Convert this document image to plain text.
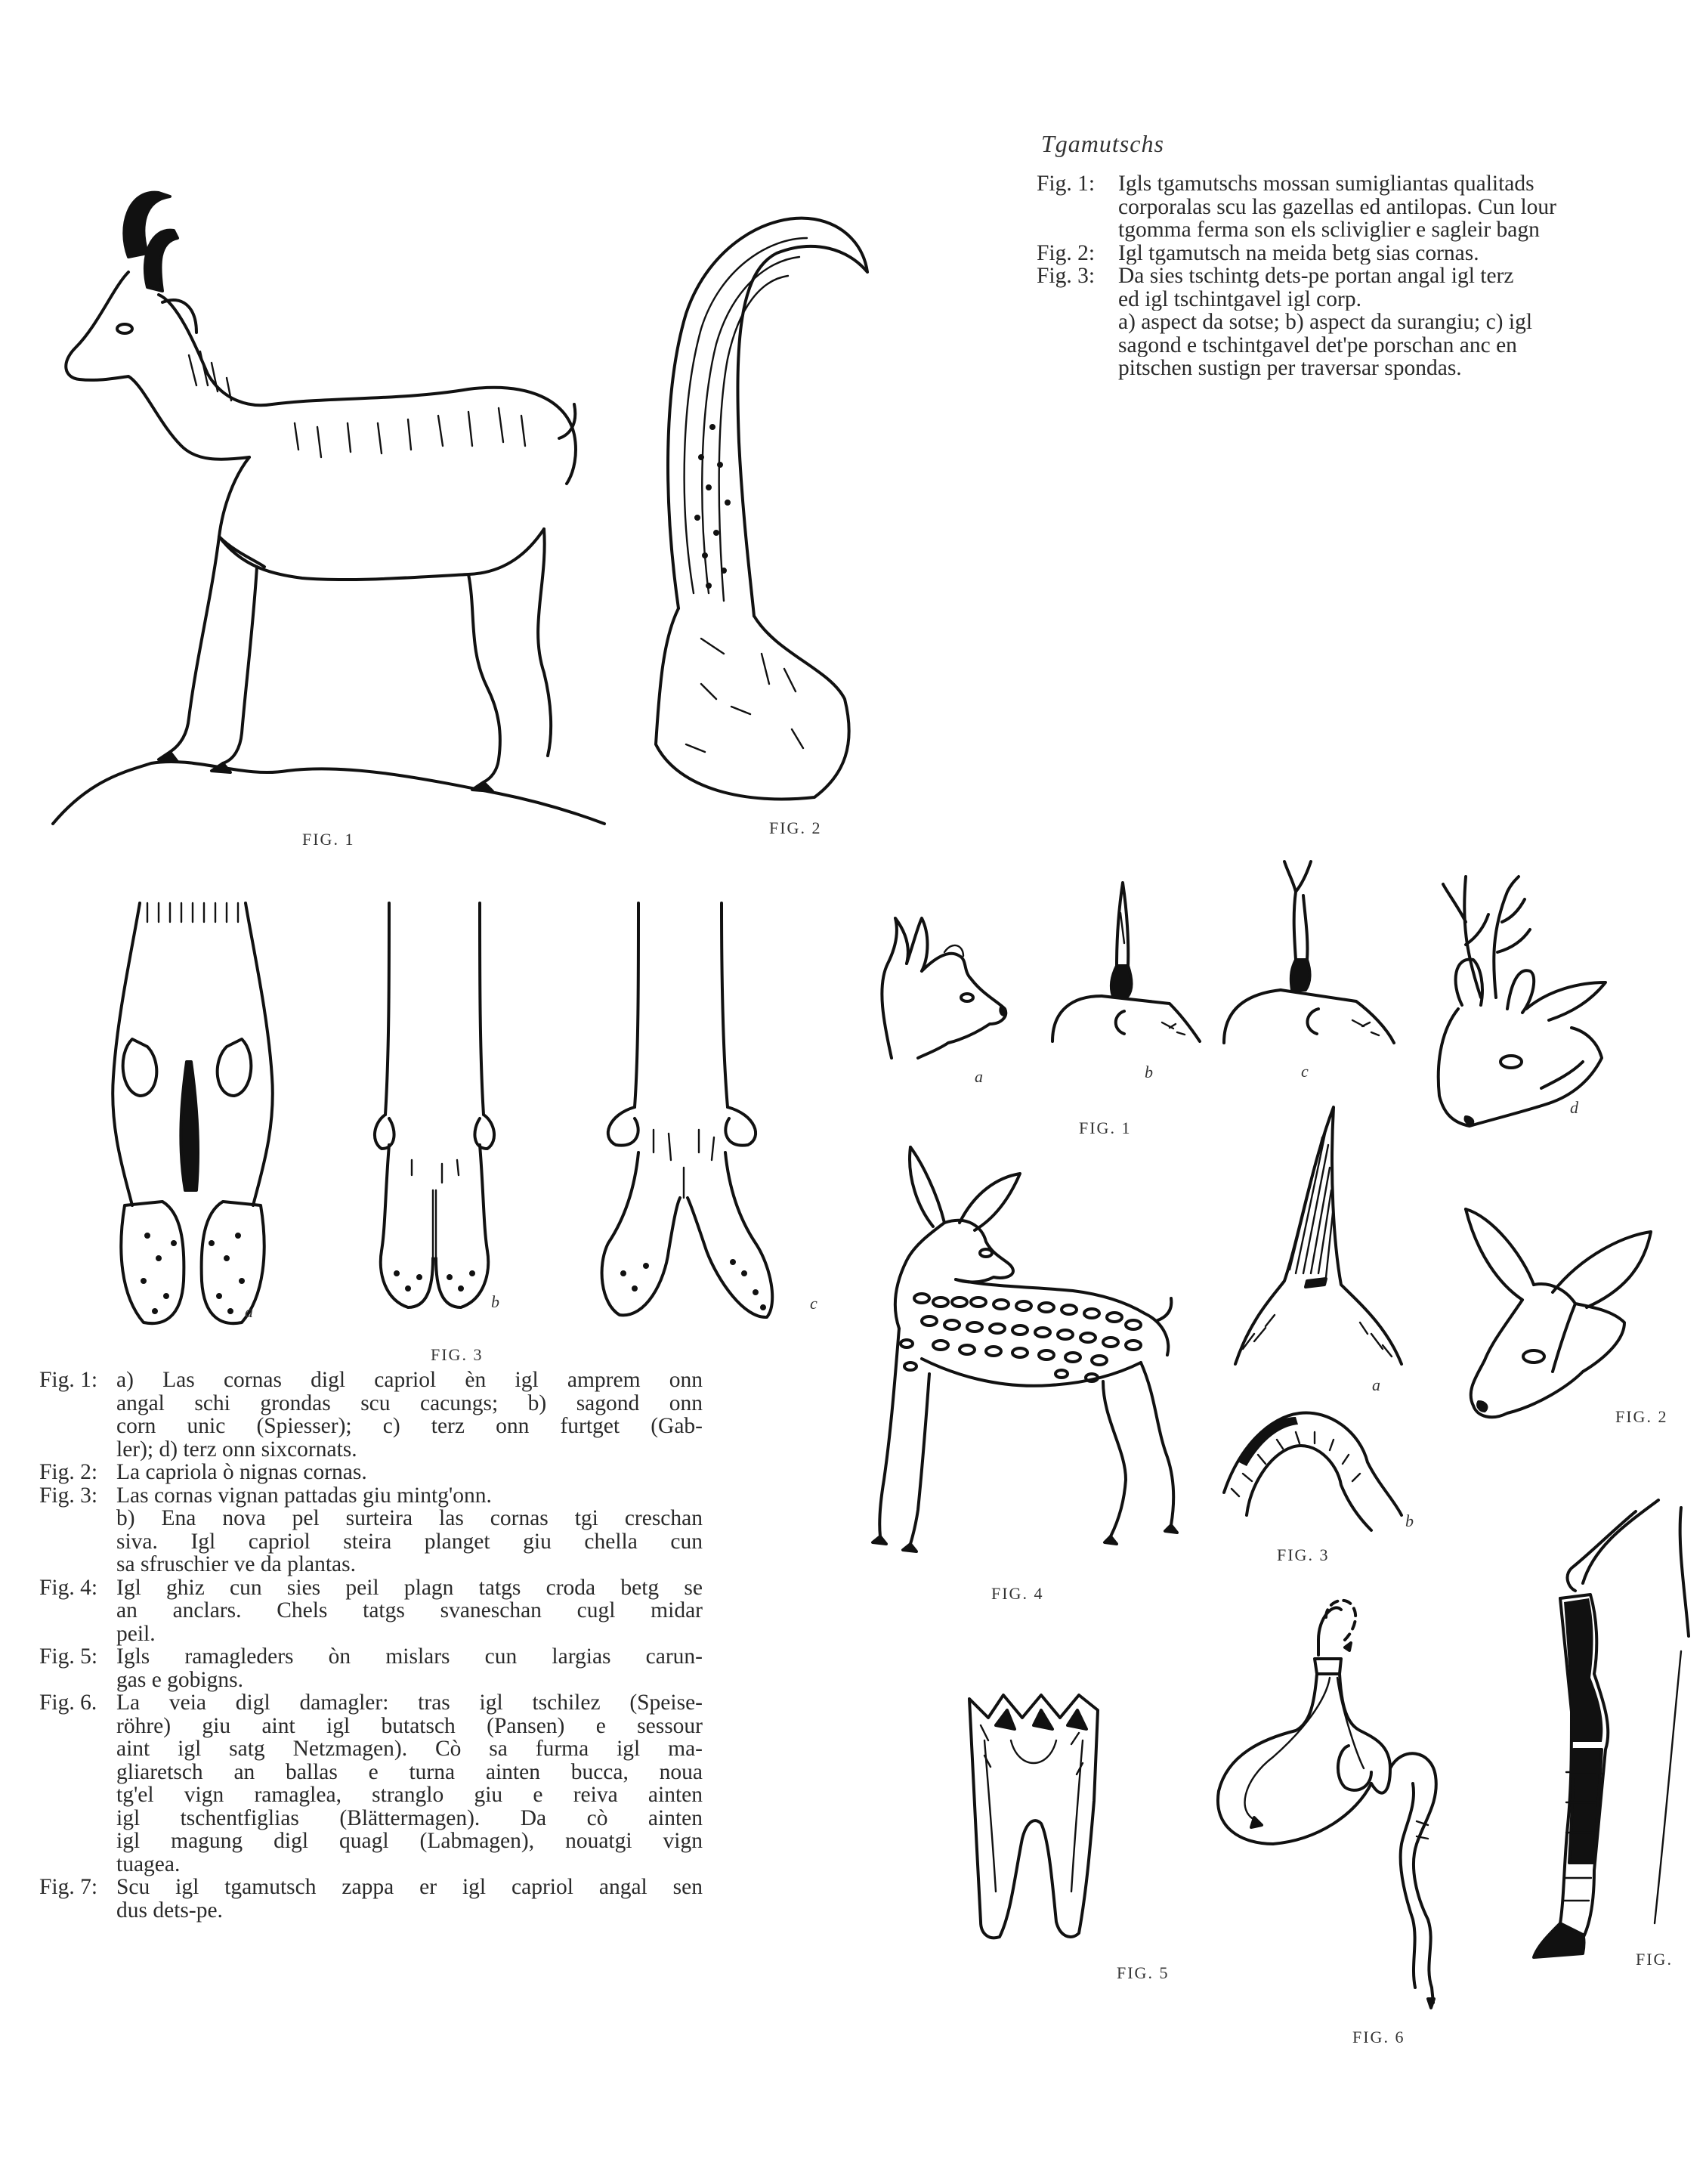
Tgamutschs
Fig. 1:	Igls tgamutschs mossan sumigliantas qualitads
corporalas scu las gazellas ed antilopas. Cun lour
tgomma ferma son els scliviglier e sagleir bagn
Fig. 2:	Igl tgamutsch na meida betg sias cornas.
Fig. 3:	Da sies tschintg dets-pe portan angal igl terz
ed igl tschintgavel igl corp.
a) aspect da sotse; b) aspect da surangiu; c) igl
sagond e tschintgavel det'pe porschan anc en
pitschen sustign per traversar spondas.
FIG. 1
FIG. 2
a
b	c
FIG. 3
Fig. 1: a) Las cornas digl capriol èn igl amprem onn
angal schi grondas scu cacungs; b) sagond onn
corn unic (Spiesser); c) terz onn furtget (Gab-
ler); d) terz onn sixcornats.
Fig. 2: La capriola ò nignas cornas.
Fig. 3: Las cornas vignan pattadas giu mintg'onn.
b) Ena nova pel surteira las cornas tgi creschan
siva. Igl capriol steira planget giu chella cun
sa sfruschier ve da plantas.
Fig. 4: Igl ghiz cun sies peil plagn tatgs croda betg se
an anclars. Chels tatgs svaneschan cugl midar
peil.
Fig. 5: Igls ramagleders òn mislars cun largias carun-
gas e gobigns.
Fig. 6. La veia digl damagler: tras igl tschilez (Speise-
röhre) giu aint igl butatsch (Pansen) e sessour
aint igl satg Netzmagen). Cò sa furma igl ma-
gliaretsch an ballas e turna ainten bucca, noua
tg'el vign ramaglea, stranglo giu e reiva ainten
igl tschentfiglias (Blättermagen). Da cò ainten
igl magung digl quagl (Labmagen), nouatgi vign
tuagea.
Fig. 7: Scu igl tgamutsch zappa er igl capriol angal sen
dus dets-pe.
a	b	c
d
FIG. 1
FIG. 4
a
b
FIG. 3
FIG. 2
FIG. 5
FIG. 6
FIG.
